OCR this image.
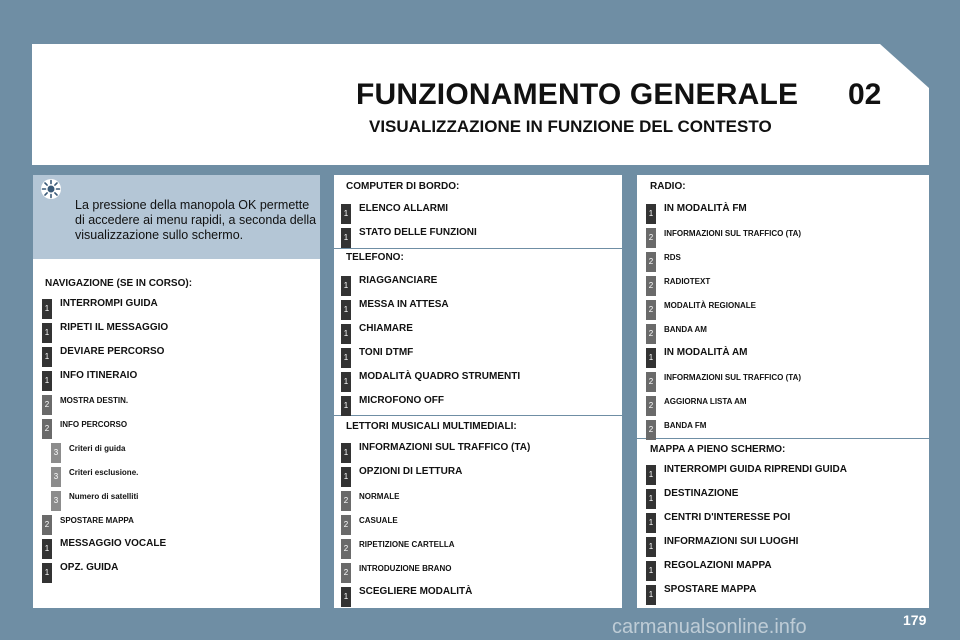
FUNZIONAMENTO GENERALE 02
VISUALIZZAZIONE IN FUNZIONE DEL CONTESTO
La pressione della manopola OK permette di accedere ai menu rapidi, a seconda della visualizzazione sullo schermo.
NAVIGAZIONE (SE IN CORSO):
COMPUTER DI BORDO:
TELEFONO:
LETTORI MUSICALI MULTIMEDIALI:
RADIO:
MAPPA A PIENO SCHERMO:
1 INTERROMPI GUIDA
1 RIPETI IL MESSAGGIO
1 DEVIARE PERCORSO
1 INFO ITINERAIO
2	MOSTRA DESTIN.
2	INFO PERCORSO
3	Criteri di guida
3	Criteri esclusione.
3	Numero di satelliti
2	SPOSTARE MAPPA
1 MESSAGGIO VOCALE
1 OPZ. GUIDA
1 ELENCO ALLARMI
1 STATO DELLE FUNZIONI
1 RIAGGANCIARE
1 MESSA IN ATTESA
1 CHIAMARE
1 TONI DTMF
1 MODALITÀ QUADRO STRUMENTI
1 MICROFONO OFF
1 INFORMAZIONI SUL TRAFFICO (TA)
1 OPZIONI DI LETTURA
2	NORMALE
2	CASUALE
2	RIPETIZIONE CARTELLA
2	INTRODUZIONE BRANO
1 SCEGLIERE MODALITÀ
1 IN MODALITÀ FM
2	INFORMAZIONI SUL TRAFFICO (TA)
2	RDS
2	RADIOTEXT
2	MODALITÀ REGIONALE
2	BANDA AM
1 IN MODALITÀ AM
2	INFORMAZIONI SUL TRAFFICO (TA)
2	AGGIORNA LISTA AM
2	BANDA FM
1 INTERROMPI GUIDA RIPRENDI GUIDA
1 DESTINAZIONE
1 CENTRI D'INTERESSE POI
1 INFORMAZIONI SUI LUOGHI
1 REGOLAZIONI MAPPA
1 SPOSTARE MAPPA
179
carmanualsonline.info
